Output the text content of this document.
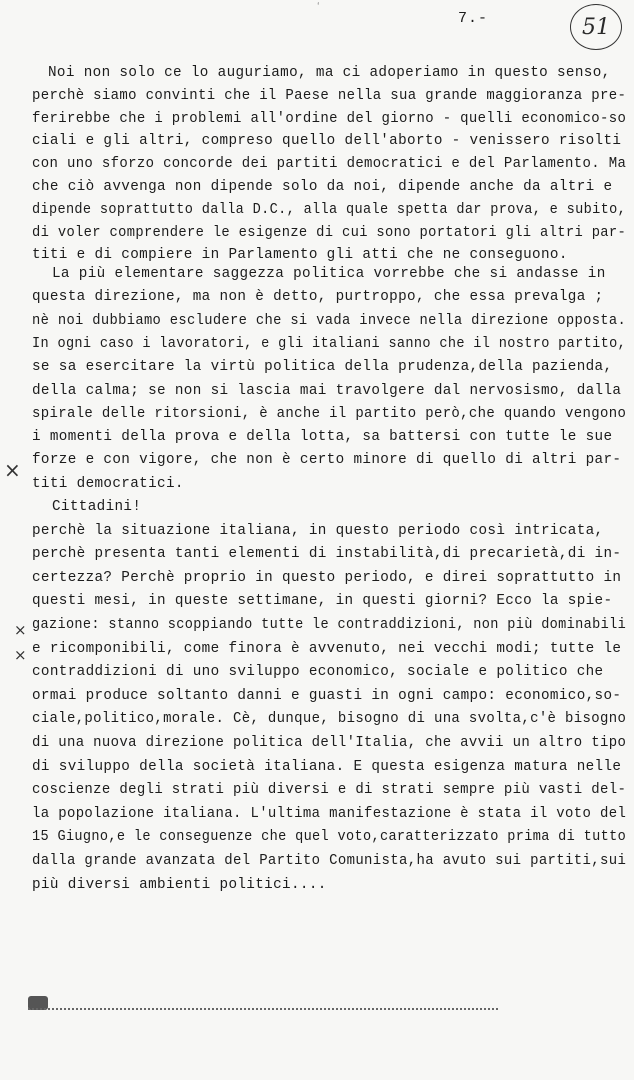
ʻ
7.-	51
Noi non solo ce lo auguriamo, ma ci adoperiamo in questo senso,
perchè siamo convinti che il Paese nella sua grande maggioranza pre-
ferirebbe che i problemi all'ordine del giorno - quelli economico-so
ciali e gli altri, compreso quello dell'aborto - venissero risolti
con uno sforzo concorde dei partiti democratici e del Parlamento. Ma
che ciò avvenga non dipende solo da noi, dipende anche da altri e
dipende soprattutto dalla D.C., alla quale spetta dar prova, e subito,
di voler comprendere le esigenze di cui sono portatori gli altri par-
titi e di compiere in Parlamento gli atti che ne conseguono.
La più elementare saggezza politica vorrebbe che si andasse in
questa direzione, ma non è detto, purtroppo, che essa prevalga ;
nè noi dubbiamo escludere che si vada invece nella direzione opposta.
In ogni caso i lavoratori, e gli italiani sanno che il nostro partito,
se sa esercitare la virtù politica della prudenza,della pazienda,
della calma; se non si lascia mai travolgere dal nervosismo, dalla
spirale delle ritorsioni, è anche il partito però,che quando vengono
i momenti della prova e della lotta, sa battersi con tutte le sue
forze e con vigore, che non è certo minore di quello di altri par-
titi democratici.
Cittadini!
perchè la situazione italiana, in questo periodo così intricata,
perchè presenta tanti elementi di instabilità,di precarietà,di in-
certezza? Perchè proprio in questo periodo, e direi soprattutto in
questi mesi, in queste settimane, in questi giorni? Ecco la spie-
gazione: stanno scoppiando tutte le contraddizioni, non più dominabili
e ricomponibili, come finora è avvenuto, nei vecchi modi; tutte le
contraddizioni di uno sviluppo economico, sociale e politico che
ormai produce soltanto danni e guasti in ogni campo: economico,so-
ciale,politico,morale. Cè, dunque, bisogno di una svolta,c'è bisogno
di una nuova direzione politica dell'Italia, che avvii un altro tipo
di sviluppo della società italiana. E questa esigenza matura nelle
coscienze degli strati più diversi e di strati sempre più vasti del-
la popolazione italiana. L'ultima manifestazione è stata il voto del
15 Giugno,e le conseguenze che quel voto,caratterizzato prima di tutto
dalla grande avanzata del Partito Comunista,ha avuto sui partiti,sui
più diversi ambienti politici....
×
×
×
